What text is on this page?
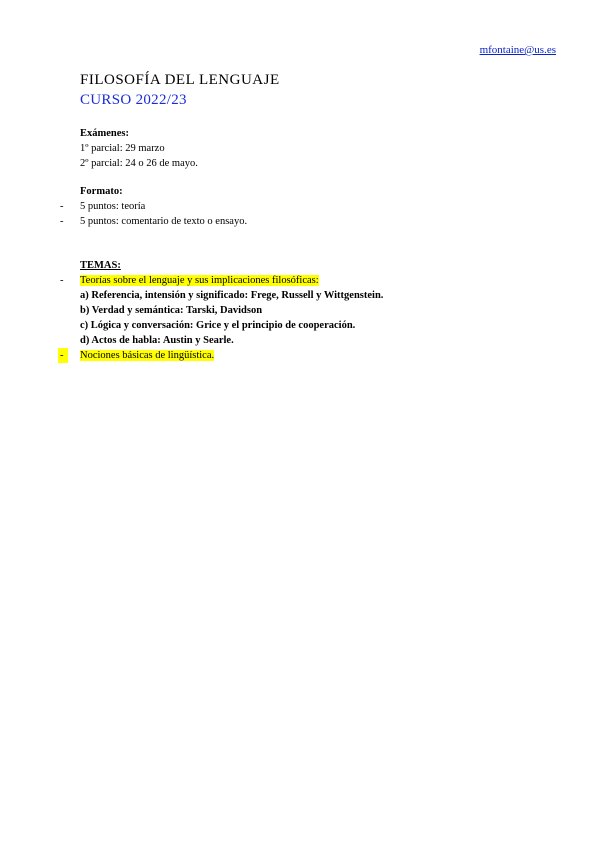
mfontaine@us.es
FILOSOFÍA DEL LENGUAJE
CURSO 2022/23
Exámenes:
1º parcial: 29 marzo
2º parcial: 24 o 26 de mayo.
Formato:
- 5 puntos: teoría
- 5 puntos: comentario de texto o ensayo.
TEMAS:
- Teorías sobre el lenguaje y sus implicaciones filosóficas:
a) Referencia, intensión y significado: Frege, Russell y Wittgenstein.
b) Verdad y semántica: Tarski, Davidson
c) Lógica y conversación: Grice y el principio de cooperación.
d) Actos de habla: Austin y Searle.
-	Nociones básicas de lingüística.
